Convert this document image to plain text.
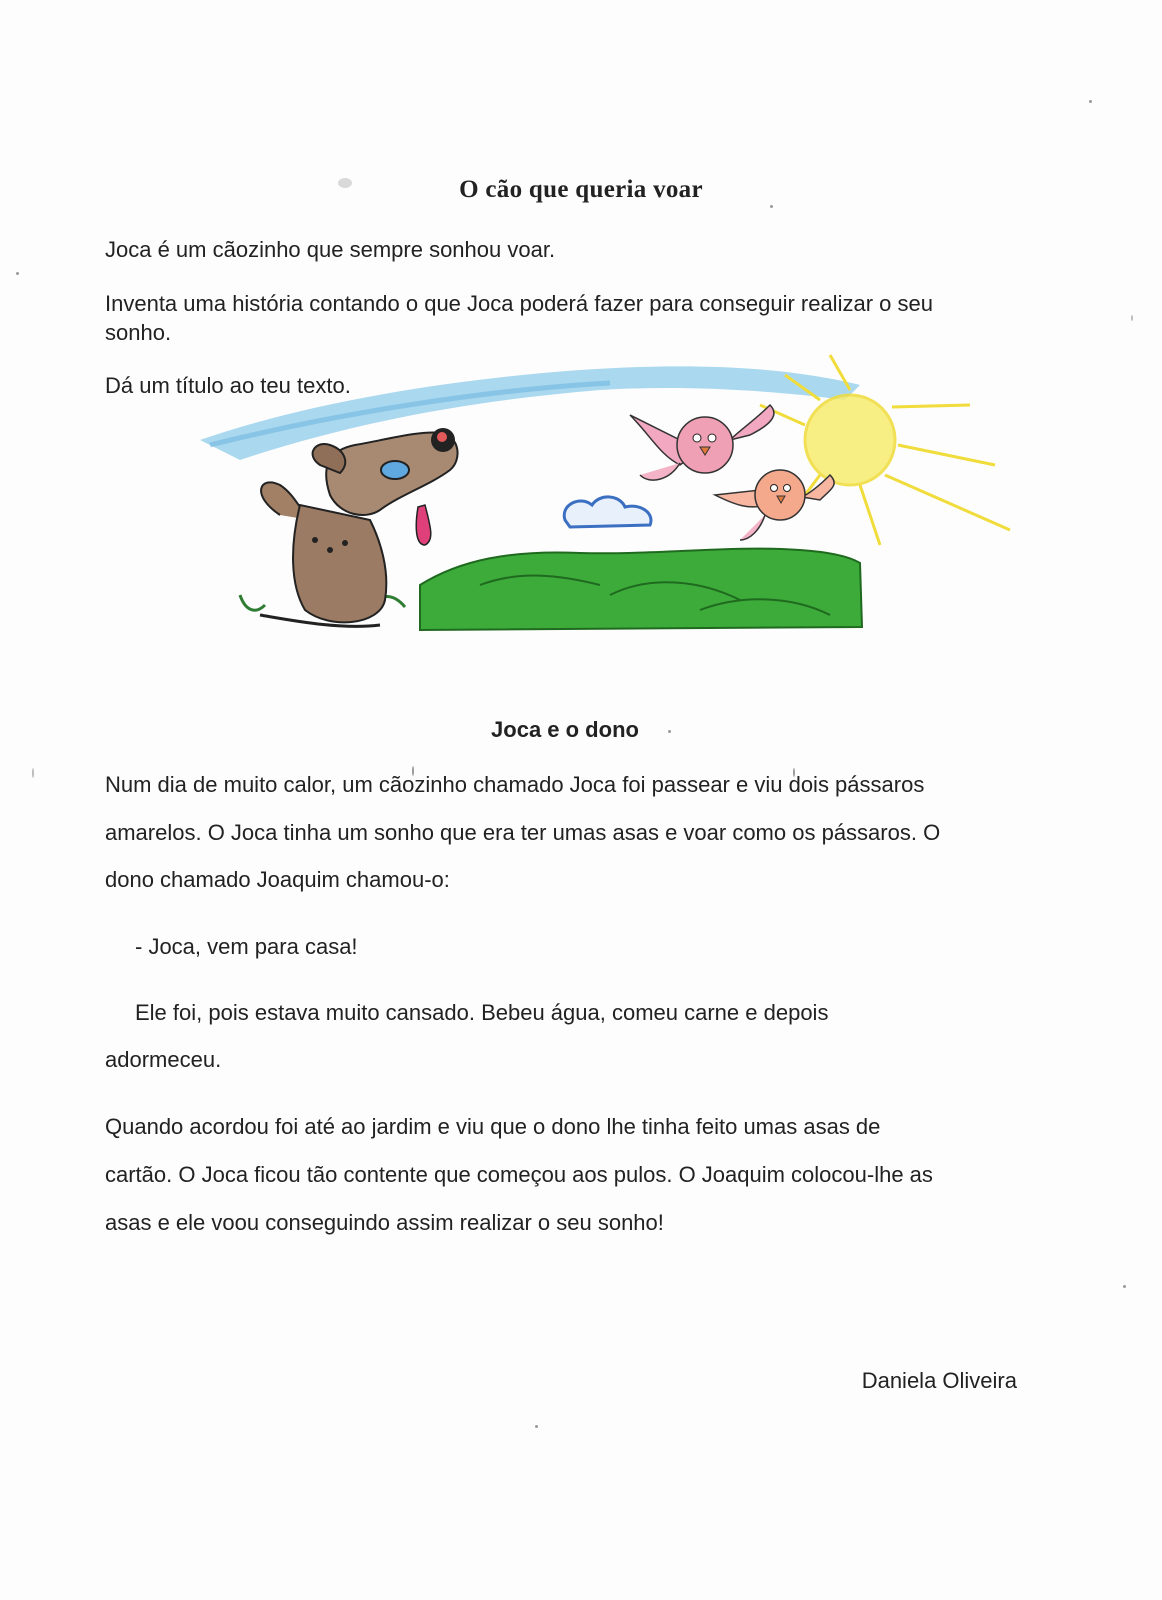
O cão que queria voar
Joca é um cãozinho que sempre sonhou voar.
Inventa uma história contando o que Joca poderá fazer para conseguir realizar o seu
sonho.
Dá um título ao teu texto.
Joca e o dono
Num dia de muito calor, um cãozinho chamado Joca foi passear e viu dois pássaros
amarelos. O Joca tinha um sonho que era ter umas asas e voar como os pássaros. O
dono chamado Joaquim chamou-o:
- Joca, vem para casa!
Ele foi, pois estava muito cansado. Bebeu água, comeu carne e depois
adormeceu.
Quando acordou foi até ao jardim e viu que o dono lhe tinha feito umas asas de
cartão. O Joca ficou tão contente que começou aos pulos. O Joaquim colocou-lhe as
asas e ele voou conseguindo assim realizar o seu sonho!
Daniela Oliveira
